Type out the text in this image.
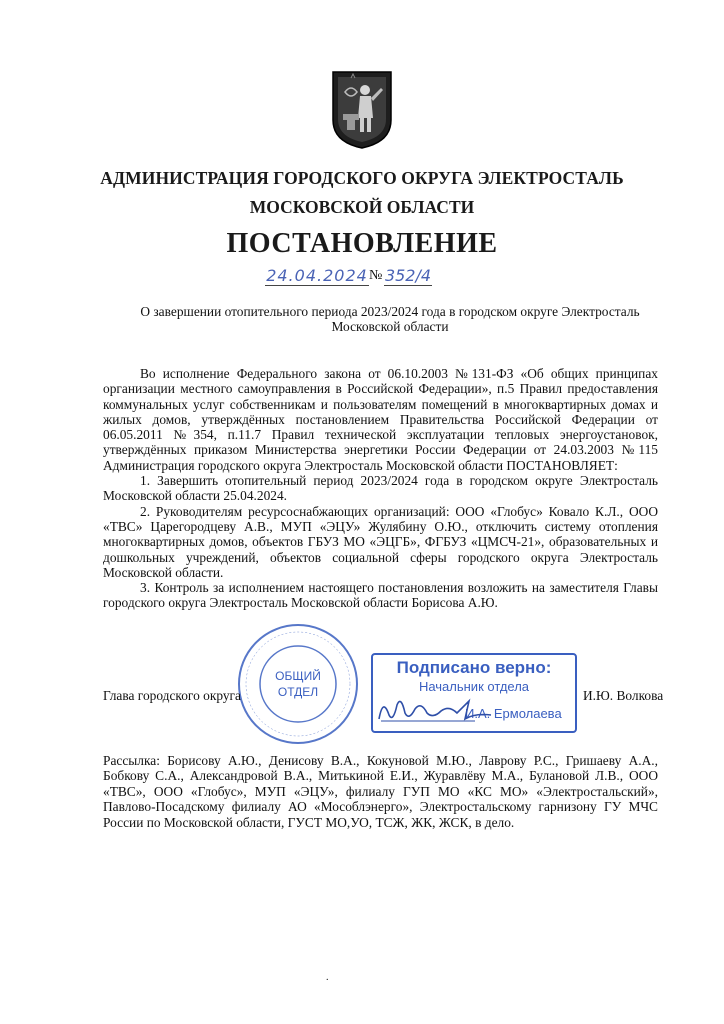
АДМИНИСТРАЦИЯ ГОРОДСКОГО ОКРУГА ЭЛЕКТРОСТАЛЬ
МОСКОВСКОЙ ОБЛАСТИ
ПОСТАНОВЛЕНИЕ
24.04.2024 № 352/4
О завершении отопительного периода 2023/2024 года в городском округе Электросталь
Московской области

Во исполнение Федерального закона от 06.10.2003 №131-ФЗ «Об общих принципах организации местного самоуправления в Российской Федерации», п.5 Правил предоставления коммунальных услуг собственникам и пользователям помещений в многоквартирных домах и жилых домов, утверждённых постановлением Правительства Российской Федерации от 06.05.2011 №354, п.11.7 Правил технической эксплуатации тепловых энергоустановок, утверждённых приказом Министерства энергетики России Федерации от 24.03.2003 №115 Администрация городского округа Электросталь Московской области ПОСТАНОВЛЯЕТ:

1. Завершить отопительный период 2023/2024 года в городском округе Электросталь Московской области 25.04.2024.

2. Руководителям ресурсоснабжающих организаций: ООО «Глобус» Ковало К.Л., ООО «ТВС» Царегородцеву А.В., МУП «ЭЦУ» Жулябину О.Ю., отключить систему отопления многоквартирных домов, объектов ГБУЗ МО «ЭЦГБ», ФГБУЗ «ЦМСЧ-21», образовательных и дошкольных учреждений, объектов социальной сферы городского округа Электросталь Московской области.

3. Контроль за исполнением настоящего постановления возложить на заместителя Главы городского округа Электросталь Московской области Борисова А.Ю.

ОБЩИЙ
ОТДЕЛ
Глава городского округа	И.Ю. Волкова
Подписано верно:
Начальник отдела
И.А. Ермолаева
Рассылка: Борисову А.Ю., Денисову В.А., Кокуновой М.Ю., Лаврову Р.С., Гришаеву А.А., Бобкову С.А., Александровой В.А., Митькиной Е.И., Журавлёву М.А., Булановой Л.В., ООО «ТВС», ООО «Глобус», МУП «ЭЦУ», филиалу ГУП МО «КС МО» «Электростальский», Павлово-Посадскому филиалу АО «Мособлэнерго», Электростальскому гарнизону ГУ МЧС России по Московской области, ГУСТ МО,УО, ТСЖ, ЖК, ЖСК, в дело.
.
